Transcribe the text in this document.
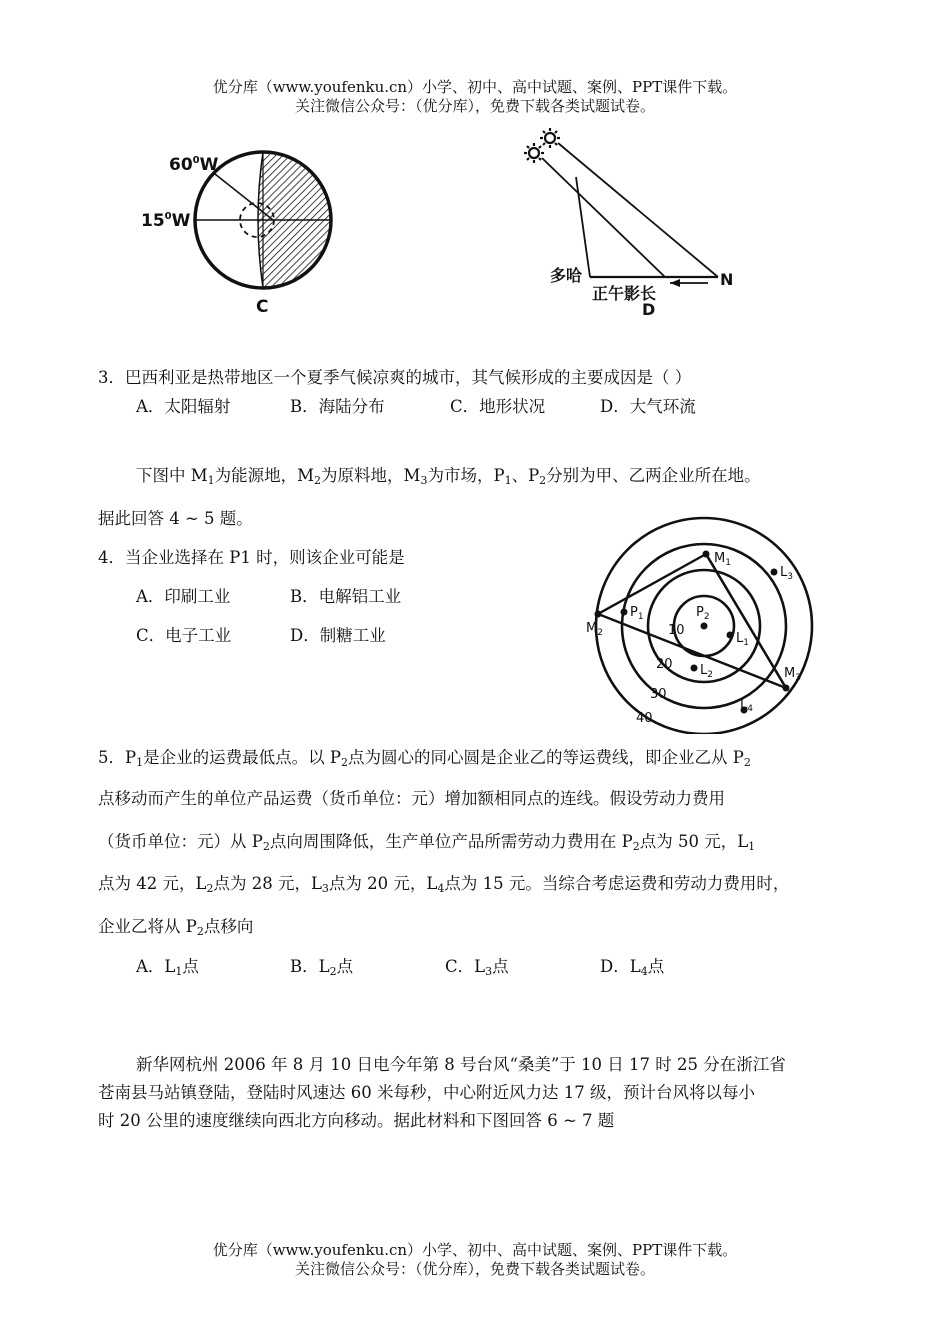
优分库（www.youfenku.cn）小学、初中、高中试题、案例、PPT课件下载。
关注微信公众号：（优分库），免费下载各类试题试卷。
$60^0W$
$15^0W$
C
多哈
正午影长
D
N
3．巴西利亚是热带地区一个夏季气候凉爽的城市，其气候形成的主要成因是（ ）
A．太阳辐射	B．海陆分布	C．地形状况	D．大气环流
下图中 $M_1$为能源地，$M_2$为原料地，$M_3$为市场，$P_1$、$P_2$分别为甲、乙两企业所在地。
据此回答 4 ~ 5 题。
4．当企业选择在 P1 时，则该企业可能是
A．印刷工业	B．电解铝工业
C．电子工业	D．制糖工业
$M_1$
$M_2$
$M_3$
$P_1$	$P_2$
$L_1$
$L_2$
$L_3$
$L_4$
10
20
30
40
5．$P_1$是企业的运费最低点。以 $P_2$点为圆心的同心圆是企业乙的等运费线，即企业乙从 $P_2$
点移动而产生的单位产品运费（货币单位：元）增加额相同点的连线。假设劳动力费用
（货币单位：元）从 $P_2$点向周围降低，生产单位产品所需劳动力费用在 $P_2$点为 50 元，$L_1$
点为 42 元，$L_2$点为 28 元，$L_3$点为 20 元，$L_4$点为 15 元。当综合考虑运费和劳动力费用时，
企业乙将从 $P_2$点移向
A．$L_1$点	B．$L_2$点	C．$L_3$点	D．$L_4$点
新华网杭州 2006 年 8 月 10 日电今年第 8 号台风“桑美”于 10 日 17 时 25 分在浙江省
苍南县马站镇登陆，登陆时风速达 60 米每秒，中心附近风力达 17 级，预计台风将以每小
时 20 公里的速度继续向西北方向移动。据此材料和下图回答 6 ~ 7 题
优分库（www.youfenku.cn）小学、初中、高中试题、案例、PPT课件下载。
关注微信公众号：（优分库），免费下载各类试题试卷。
